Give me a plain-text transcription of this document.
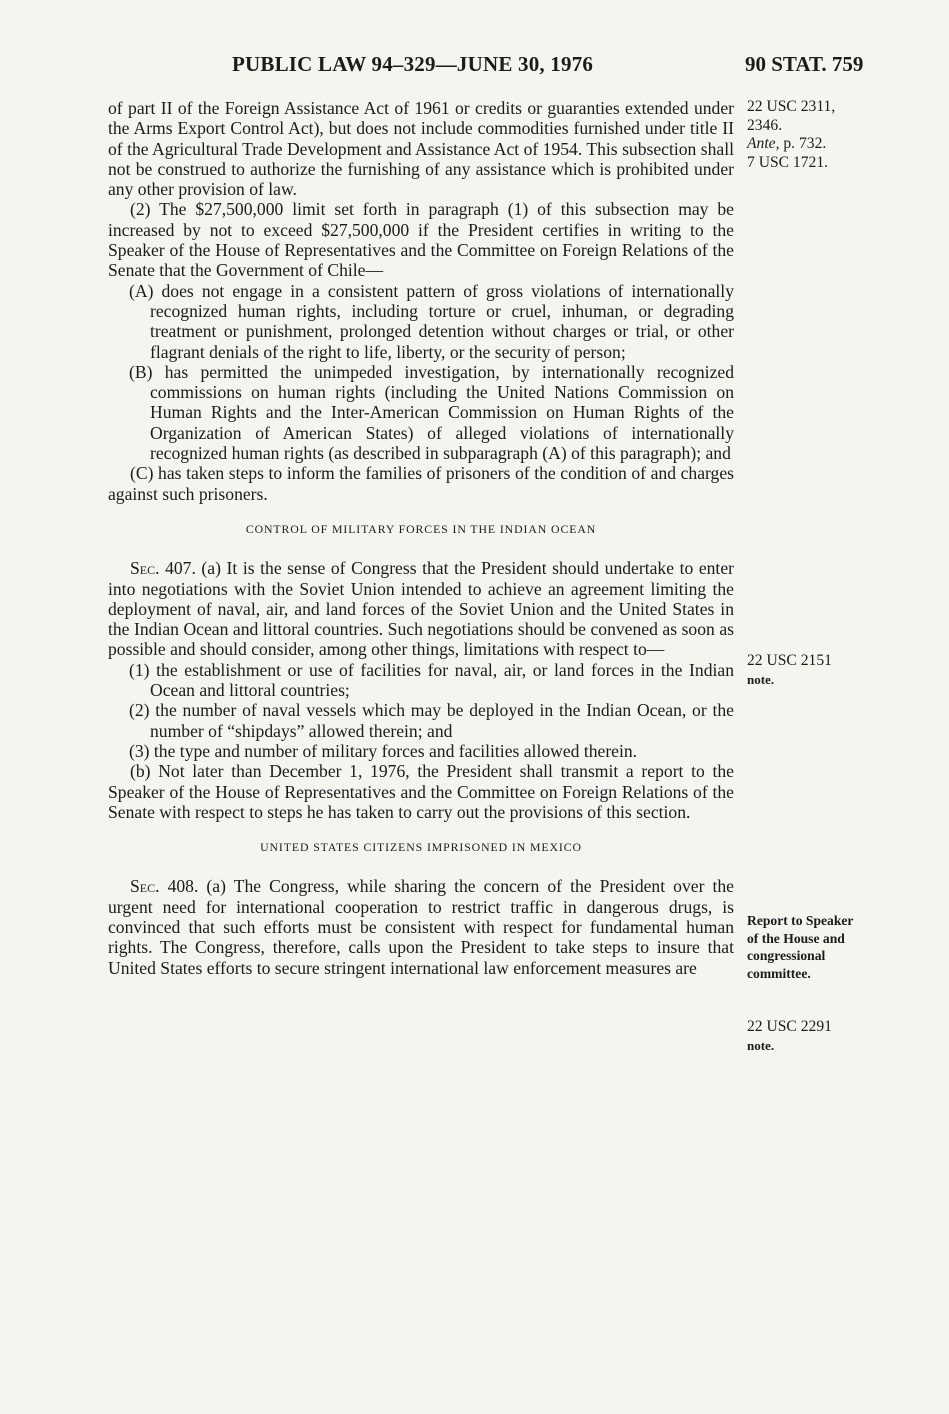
PUBLIC LAW 94–329—JUNE 30, 1976	90 STAT. 759

of part II of the Foreign Assistance Act of 1961 or credits or guaranties extended under the Arms Export Control Act), but does not include commodities furnished under title II of the Agricultural Trade Development and Assistance Act of 1954. This subsection shall not be construed to authorize the furnishing of any assistance which is prohibited under any other provision of law.

(2) The $27,500,000 limit set forth in paragraph (1) of this subsection may be increased by not to exceed $27,500,000 if the President certifies in writing to the Speaker of the House of Representatives and the Committee on Foreign Relations of the Senate that the Government of Chile—

(A) does not engage in a consistent pattern of gross violations of internationally recognized human rights, including torture or cruel, inhuman, or degrading treatment or punishment, prolonged detention without charges or trial, or other flagrant denials of the right to life, liberty, or the security of person;

(B) has permitted the unimpeded investigation, by internationally recognized commissions on human rights (including the United Nations Commission on Human Rights and the Inter-American Commission on Human Rights of the Organization of American States) of alleged violations of internationally recognized human rights (as described in subparagraph (A) of this paragraph); and

(C) has taken steps to inform the families of prisoners of the condition of and charges against such prisoners.

CONTROL OF MILITARY FORCES IN THE INDIAN OCEAN

Sec. 407. (a) It is the sense of Congress that the President should undertake to enter into negotiations with the Soviet Union intended to achieve an agreement limiting the deployment of naval, air, and land forces of the Soviet Union and the United States in the Indian Ocean and littoral countries. Such negotiations should be convened as soon as possible and should consider, among other things, limitations with respect to—

(1) the establishment or use of facilities for naval, air, or land forces in the Indian Ocean and littoral countries;

(2) the number of naval vessels which may be deployed in the Indian Ocean, or the number of “shipdays” allowed therein; and

(3) the type and number of military forces and facilities allowed therein.

(b) Not later than December 1, 1976, the President shall transmit a report to the Speaker of the House of Representatives and the Committee on Foreign Relations of the Senate with respect to steps he has taken to carry out the provisions of this section.

UNITED STATES CITIZENS IMPRISONED IN MEXICO

Sec. 408. (a) The Congress, while sharing the concern of the President over the urgent need for international cooperation to restrict traffic in dangerous drugs, is convinced that such efforts must be consistent with respect for fundamental human rights. The Congress, therefore, calls upon the President to take steps to insure that United States efforts to secure stringent international law enforcement measures are

22 USC 2311,
2346.
Ante, p. 732.
7 USC 1721.
22 USC 2151
note.
Report to Speaker of the House and congressional committee.
22 USC 2291
note.
